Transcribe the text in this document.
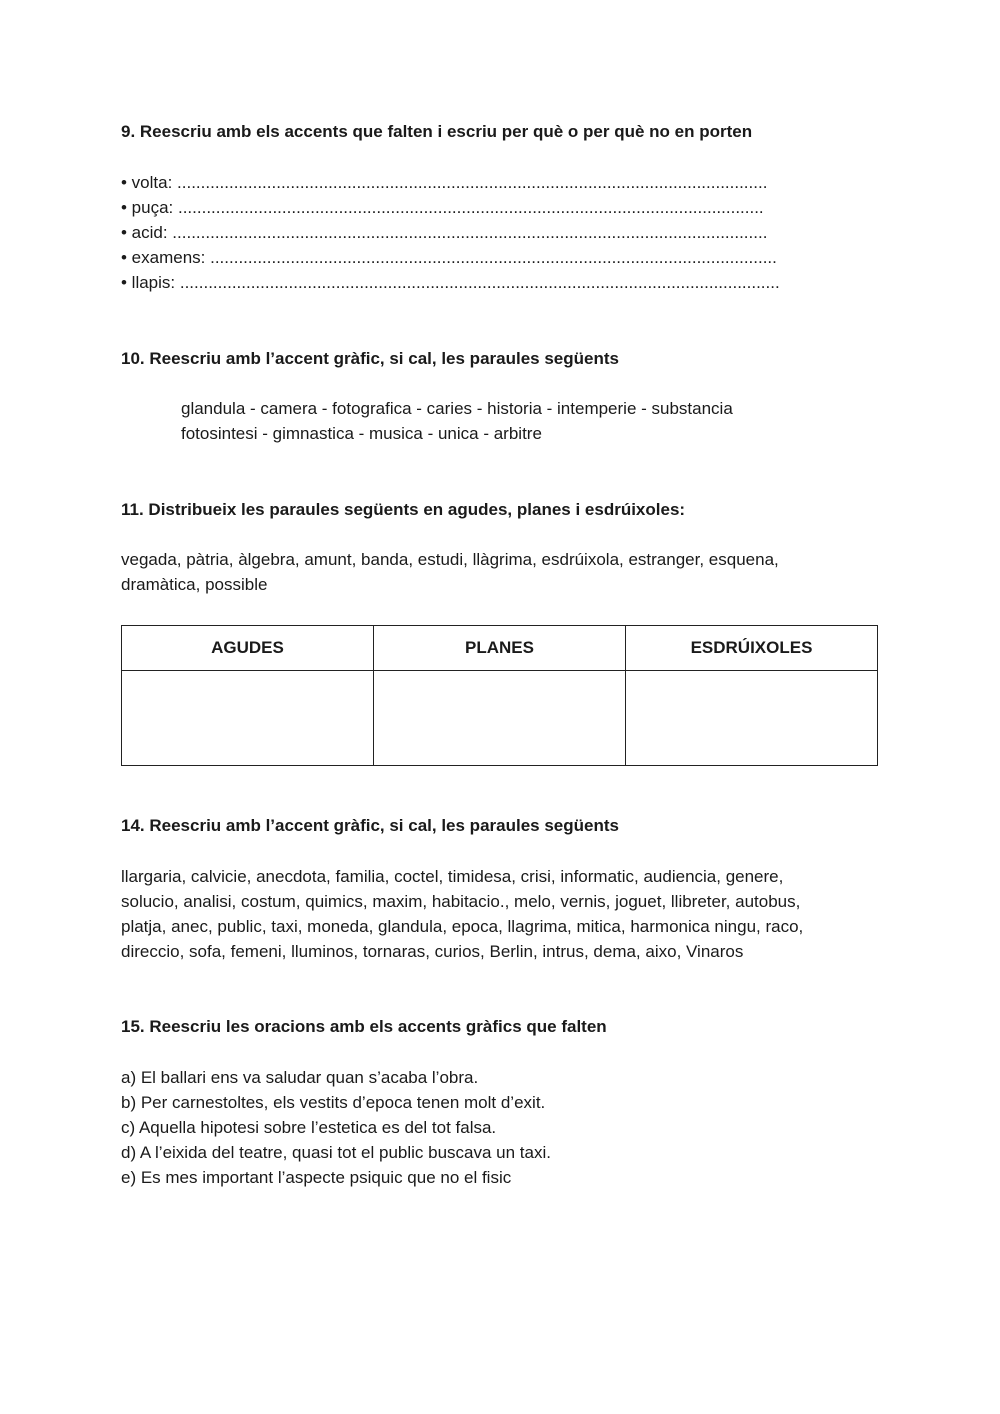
9. Reescriu amb els accents que falten i escriu per què o per què no en porten
• volta: .............................................................................................................................
• puça: ............................................................................................................................
• acid: ..............................................................................................................................
• examens: ........................................................................................................................
• llapis: ...............................................................................................................................
10. Reescriu amb l’accent gràfic, si cal, les paraules següents
glandula - camera - fotografica - caries - historia - intemperie - substancia
fotosintesi - gimnastica - musica - unica - arbitre
11. Distribueix les paraules següents en agudes, planes i esdrúixoles:
vegada, pàtria, àlgebra, amunt, banda, estudi, llàgrima, esdrúixola, estranger, esquena,
dramàtica, possible
AGUDES	PLANES	ESDRÚIXOLES

14. Reescriu amb l’accent gràfic, si cal, les paraules següents
llargaria, calvicie, anecdota, familia, coctel, timidesa, crisi, informatic, audiencia, genere,
solucio, analisi, costum, quimics, maxim, habitacio., melo, vernis, joguet, llibreter, autobus,
platja, anec, public, taxi, moneda, glandula, epoca, llagrima, mitica, harmonica ningu, raco,
direccio, sofa, femeni, lluminos, tornaras, curios, Berlin, intrus, dema, aixo, Vinaros
15. Reescriu les oracions amb els accents gràfics que falten
a) El ballari ens va saludar quan s’acaba l’obra.
b) Per carnestoltes, els vestits d’epoca tenen molt d’exit.
c) Aquella hipotesi sobre l’estetica es del tot falsa.
d) A l’eixida del teatre, quasi tot el public buscava un taxi.
e) Es mes important l’aspecte psiquic que no el fisic
